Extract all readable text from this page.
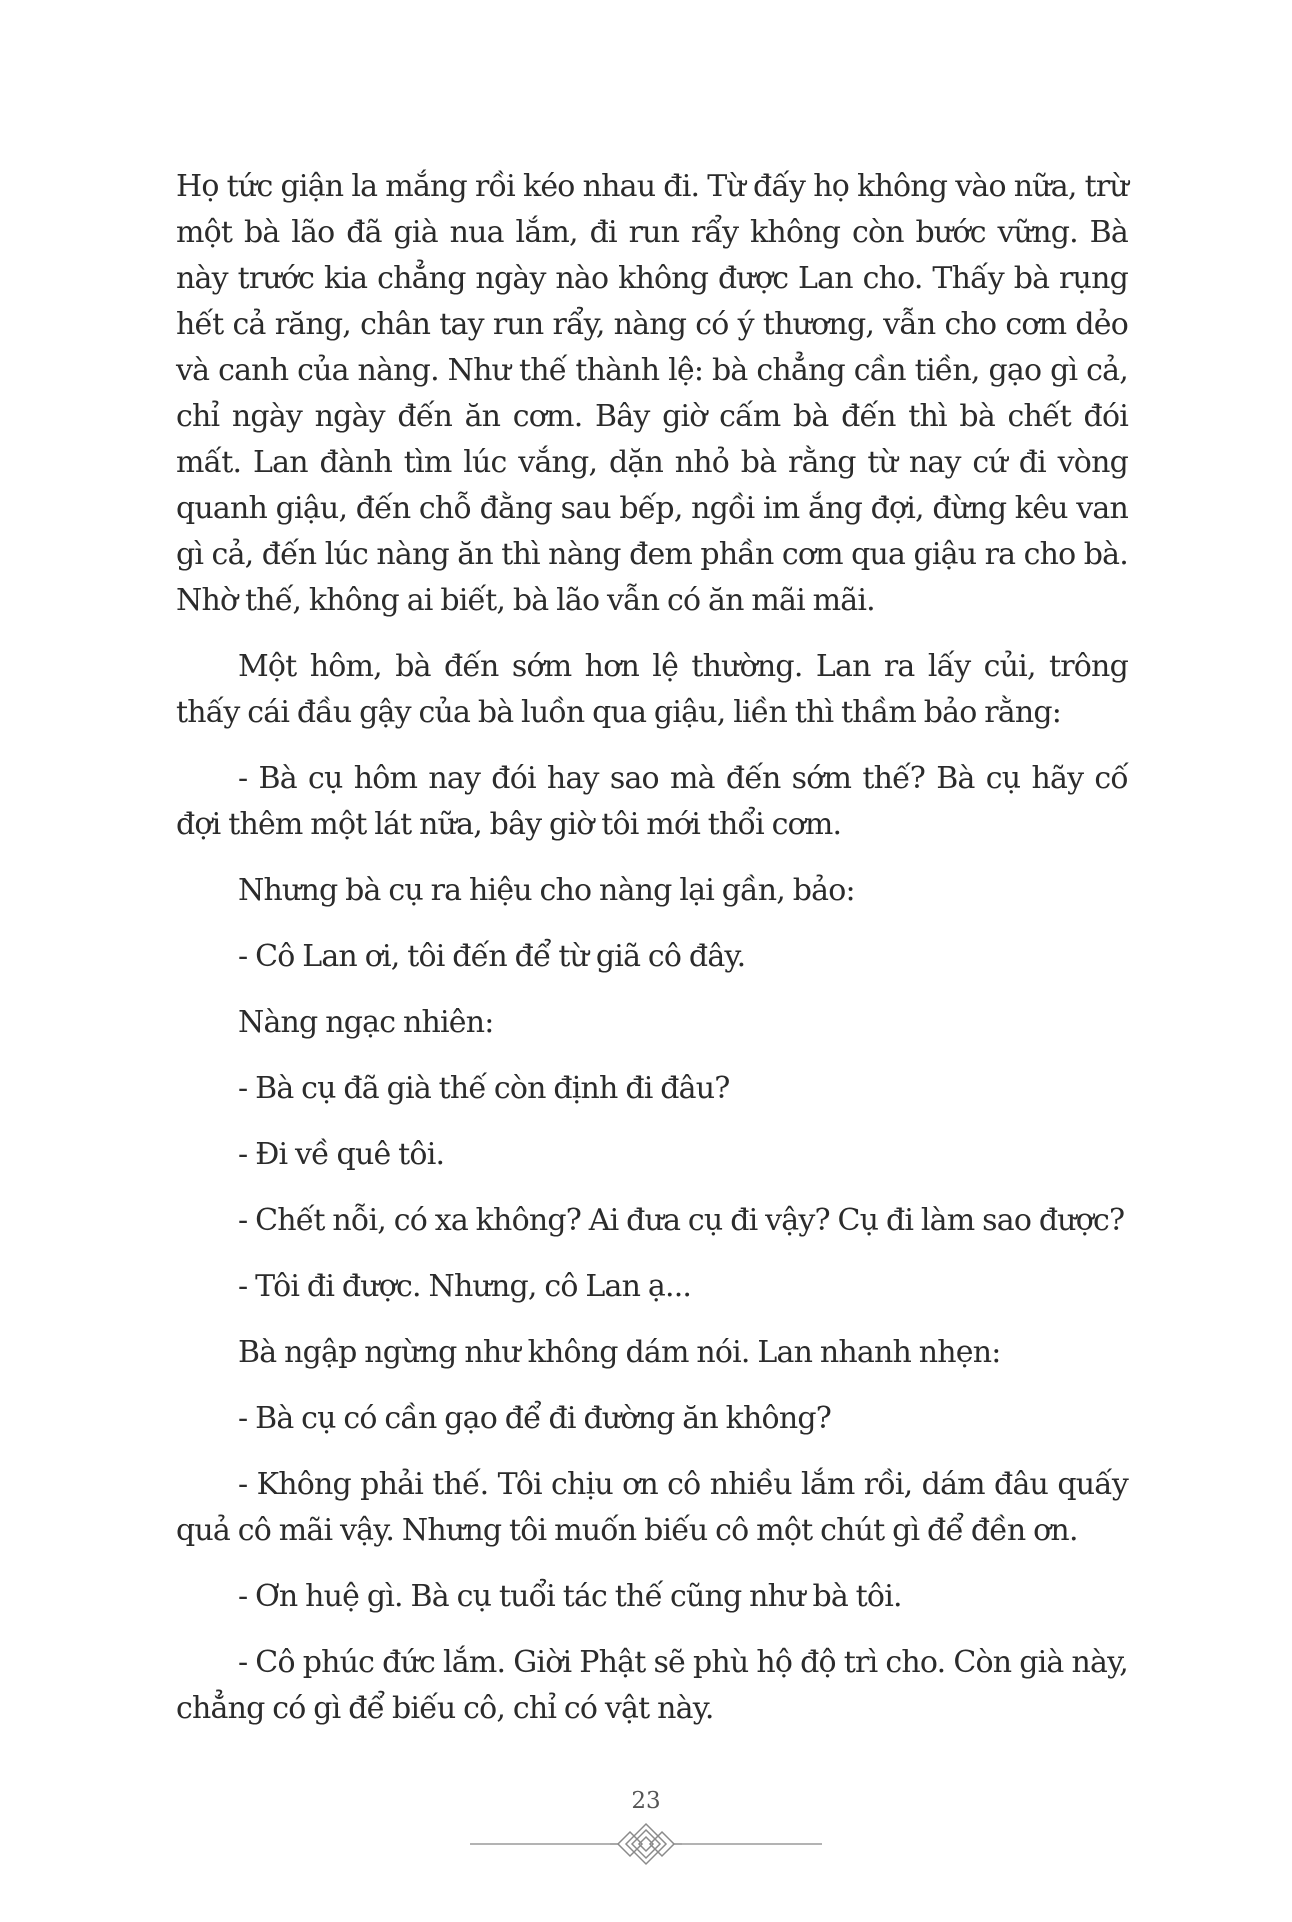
Họ tức giận la mắng rồi kéo nhau đi. Từ đấy họ không vào nữa, trừ một bà lão đã già nua lắm, đi run rẩy không còn bước vững. Bà này trước kia chẳng ngày nào không được Lan cho. Thấy bà rụng hết cả răng, chân tay run rẩy, nàng có ý thương, vẫn cho cơm dẻo và canh của nàng. Như thế thành lệ: bà chẳng cần tiền, gạo gì cả, chỉ ngày ngày đến ăn cơm. Bây giờ cấm bà đến thì bà chết đói mất. Lan đành tìm lúc vắng, dặn nhỏ bà rằng từ nay cứ đi vòng quanh giậu, đến chỗ đằng sau bếp, ngồi im ắng đợi, đừng kêu van gì cả, đến lúc nàng ăn thì nàng đem phần cơm qua giậu ra cho bà. Nhờ thế, không ai biết, bà lão vẫn có ăn mãi mãi.

Một hôm, bà đến sớm hơn lệ thường. Lan ra lấy củi, trông thấy cái đầu gậy của bà luồn qua giậu, liền thì thầm bảo rằng:

- Bà cụ hôm nay đói hay sao mà đến sớm thế? Bà cụ hãy cố đợi thêm một lát nữa, bây giờ tôi mới thổi cơm.

Nhưng bà cụ ra hiệu cho nàng lại gần, bảo:

- Cô Lan ơi, tôi đến để từ giã cô đây.

Nàng ngạc nhiên:

- Bà cụ đã già thế còn định đi đâu?

- Đi về quê tôi.

- Chết nỗi, có xa không? Ai đưa cụ đi vậy? Cụ đi làm sao được?

- Tôi đi được. Nhưng, cô Lan ạ...

Bà ngập ngừng như không dám nói. Lan nhanh nhẹn:

- Bà cụ có cần gạo để đi đường ăn không?

- Không phải thế. Tôi chịu ơn cô nhiều lắm rồi, dám đâu quấy quả cô mãi vậy. Nhưng tôi muốn biếu cô một chút gì để đền ơn.

- Ơn huệ gì. Bà cụ tuổi tác thế cũng như bà tôi.

- Cô phúc đức lắm. Giời Phật sẽ phù hộ độ trì cho. Còn già này, chẳng có gì để biếu cô, chỉ có vật này.

23
